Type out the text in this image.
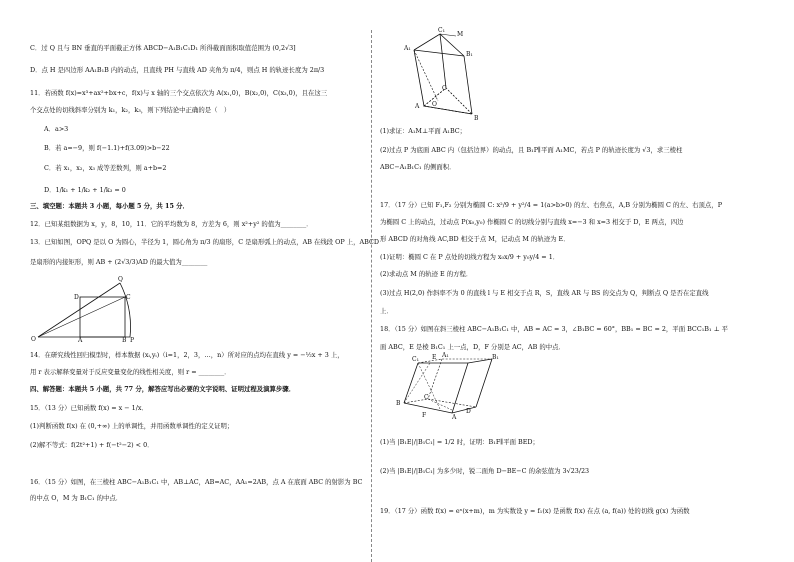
C．过 Q 且与 BN 垂直的平面截正方体 ABCD−A₁B₁C₁D₁ 所得截面面积取值范围为 (0,2√3]
D．点 H 是四边形 AA₁B₁B 内的动点，且直线 PH 与直线 AD 夹角为 π/4，则点 H 的轨迹长度为 2π/3
11．若函数 f(x)=x³+ax²+bx+c，f(x)与 x 轴的三个交点依次为 A(x₁,0)，B(x₂,0)，C(x₃,0)，且在这三
个交点处的切线斜率分别为 k₁，k₂，k₃，则下列结论中正确的是（　）
A．a>3
B．若 a=−9，则 f(−1.1)+f(3.09)>b−22
C．若 x₁，x₂，x₃ 成等差数列，则 a+b=2
D．1/k₁ + 1/k₂ + 1/k₃ = 0
三、填空题：本题共 3 小题，每小题 5 分，共 15 分．
12．已知某组数据为 x，y，8，10，11．它的平均数为 8，方差为 6，则 x²+y² 的值为________．
13．已知如图，OPQ 是以 O 为圆心，半径为 1，圆心角为 π/3 的扇形，C 是扇形弧上的动点，AB 在线段 OP 上，ABCD
是扇形的内接矩形，则 AB + (2√3/3)AD 的最大值为________
O	A	B P
C
D
Q
14．在研究线性回归模型时，样本数据 (xᵢ,yᵢ)（i=1，2，3，…，n）所对应的点均在直线 y = −½x + 3 上，
用 r 表示解释变量对于反应变量变化的线性相关度，则 r = ________．
四、解答题：本题共 5 小题，共 77 分，解答应写出必要的文字说明、证明过程及演算步骤．
15．（13 分）已知函数 f(x) = x − 1/x．
(1)判断函数 f(x) 在 (0,+∞) 上的单调性，并用函数单调性的定义证明；
(2)解不等式：f(2t²+1) + f(−t²−2) < 0．
16．（15 分）如图，在三棱柱 ABC−A₁B₁C₁ 中，AB⊥AC，AB=AC，AA₁=2AB，点 A 在底面 ABC 的射影为 BC
的中点 O，M 为 B₁C₁ 的中点．
A₁
C₁
M
B₁
A
C
O
B
(1)求证：A₁M⊥平面 A₁BC；
(2)过点 P 为底面 ABC 内（包括边界）的动点，且 B₁P∥平面 A₁MC，若点 P 的轨迹长度为 √3，求三棱柱
ABC−A₁B₁C₁ 的侧面积．
17．（17 分）已知 F₁,F₂ 分别为椭圆 C: x²/9 + y²/4 = 1(a>b>0) 的左、右焦点，A,B 分别为椭圆 C 的左、右顶点，P
为椭圆 C 上的动点，过动点 P(x₀,y₀) 作椭圆 C 的切线分别与直线 x=−3 和 x=3 相交于 D，E 两点，四边
形 ABCD 的对角线 AC,BD 相交于点 M，记动点 M 的轨迹为 E．
(1)证明：椭圆 C 在 P 点处的切线方程为 x₀x/9 + y₀y/4 = 1．
(2)求动点 M 的轨迹 E 的方程．
(3)过点 H(2,0) 作斜率不为 0 的直线 l 与 E 相交于点 R，S，直线 AR 与 BS 的交点为 Q，判断点 Q 是否在定直线
上．
18．（15 分）如图在斜三棱柱 ABC−A₁B₁C₁ 中，AB = AC = 3，∠B₁BC = 60°，BB₁ = BC = 2，平面 BCC₁B₁ ⊥ 平
面 ABC，E 是棱 B₁C₁ 上一点，D，F 分别是 AC，AB 的中点．
C₁ E A₁	B₁
B
C
F	A
D
(1)当 |B₁E|/|B₁C₁| = 1/2 时，证明：B₁F∥平面 BED；
(2)当 |B₁E|/|B₁C₁| 为多少时，锐二面角 D−BE−C 的余弦值为 3√23/23
19．（17 分）函数 f(x) = eˣ(x+m)，m 为实数设 y = f₁(x) 是函数 f(x) 在点 (a, f(a)) 处的切线 g(x) 为函数
